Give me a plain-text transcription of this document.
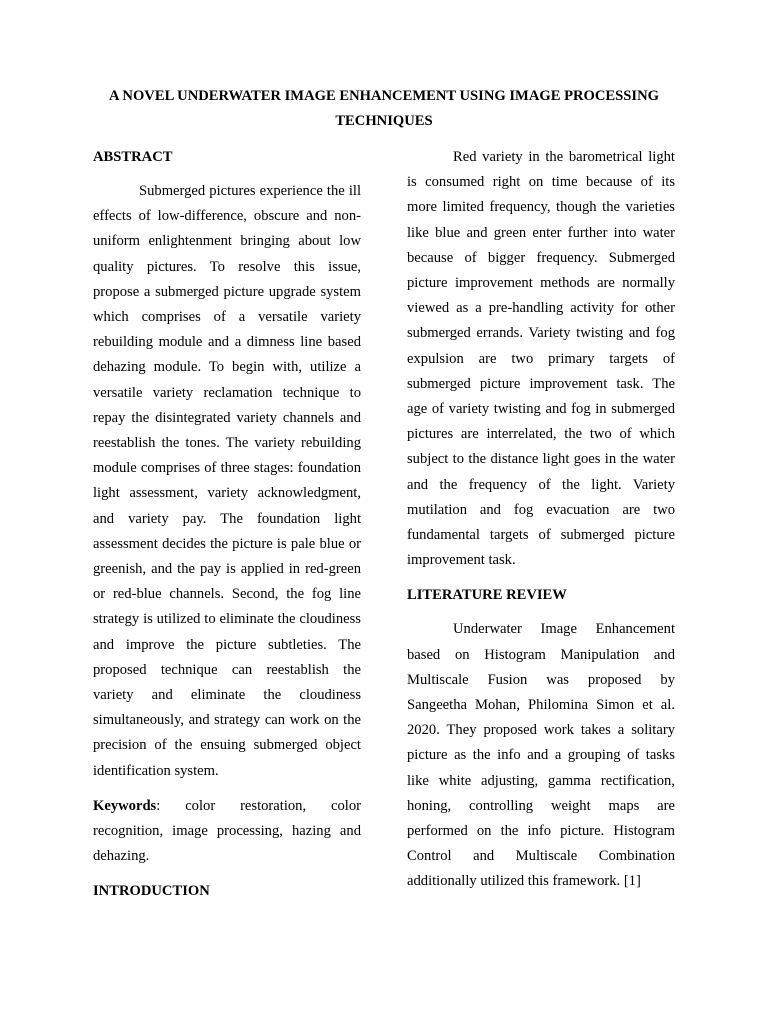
A NOVEL UNDERWATER IMAGE ENHANCEMENT USING IMAGE PROCESSING TECHNIQUES

ABSTRACT

Submerged pictures experience the ill effects of low-difference, obscure and non-uniform enlightenment bringing about low quality pictures. To resolve this issue, propose a submerged picture upgrade system which comprises of a versatile variety rebuilding module and a dimness line based dehazing module. To begin with, utilize a versatile variety reclamation technique to repay the disintegrated variety channels and reestablish the tones. The variety rebuilding module comprises of three stages: foundation light assessment, variety acknowledgment, and variety pay. The foundation light assessment decides the picture is pale blue or greenish, and the pay is applied in red-green or red-blue channels. Second, the fog line strategy is utilized to eliminate the cloudiness and improve the picture subtleties. The proposed technique can reestablish the variety and eliminate the cloudiness simultaneously, and strategy can work on the precision of the ensuing submerged object identification system.

Keywords: color restoration, color recognition, image processing, hazing and dehazing.

INTRODUCTION

Red variety in the barometrical light is consumed right on time because of its more limited frequency, though the varieties like blue and green enter further into water because of bigger frequency. Submerged picture improvement methods are normally viewed as a pre-handling activity for other submerged errands. Variety twisting and fog expulsion are two primary targets of submerged picture improvement task. The age of variety twisting and fog in submerged pictures are interrelated, the two of which subject to the distance light goes in the water and the frequency of the light. Variety mutilation and fog evacuation are two fundamental targets of submerged picture improvement task.

LITERATURE REVIEW

Underwater Image Enhancement based on Histogram Manipulation and Multiscale Fusion was proposed by Sangeetha Mohan, Philomina Simon et al. 2020. They proposed work takes a solitary picture as the info and a grouping of tasks like white adjusting, gamma rectification, honing, controlling weight maps are performed on the info picture. Histogram Control and Multiscale Combination additionally utilized this framework. [1]
